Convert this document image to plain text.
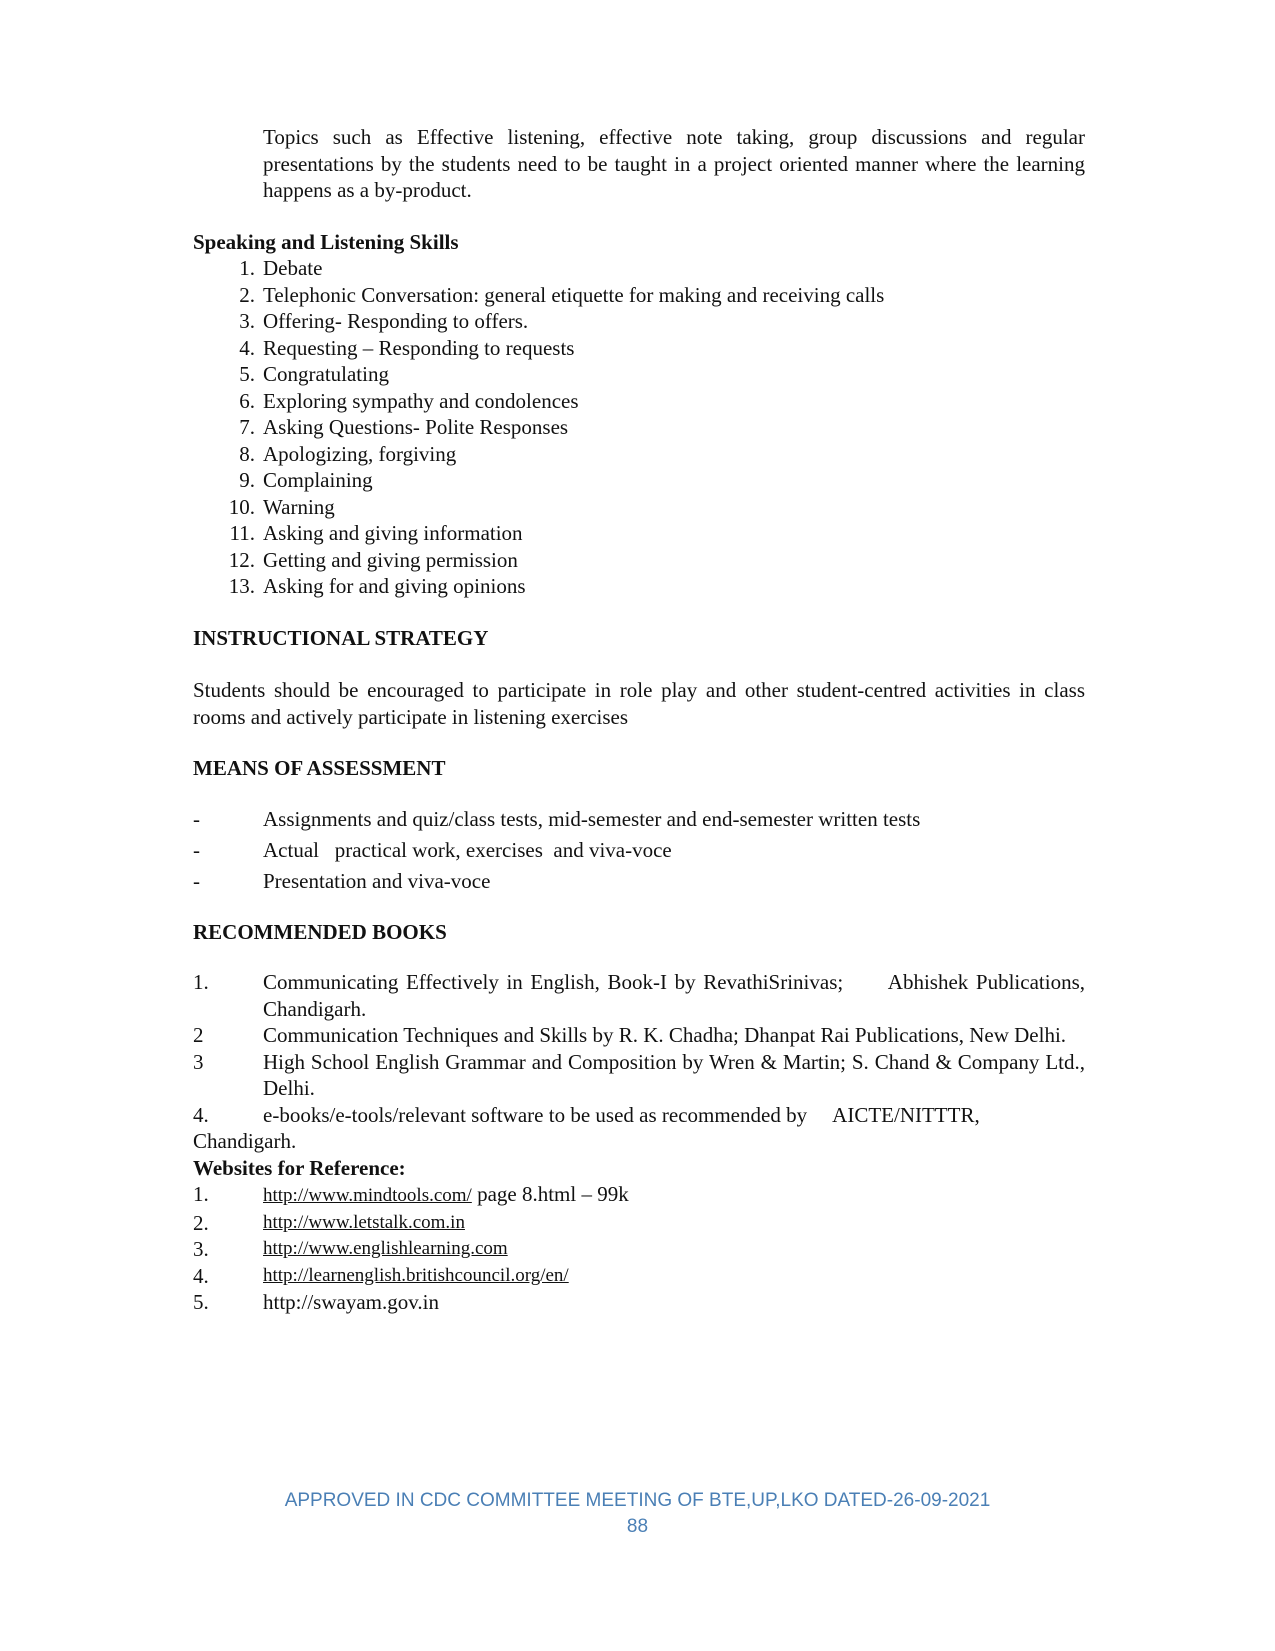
Topics such as Effective listening, effective note taking, group discussions and regular presentations by the students need to be taught in a project oriented manner where the learning happens as a by-product.

Speaking and Listening Skills

1. Debate
2. Telephonic Conversation: general etiquette for making and receiving calls
3. Offering- Responding to offers.
4. Requesting – Responding to requests
5. Congratulating
6. Exploring sympathy and condolences
7. Asking Questions- Polite Responses
8. Apologizing, forgiving
9. Complaining
10. Warning
11. Asking and giving information
12. Getting and giving permission
13. Asking for and giving opinions

INSTRUCTIONAL STRATEGY

Students should be encouraged to participate in role play and other student-centred activities in class rooms and actively participate in listening exercises

MEANS OF ASSESSMENT

-	Assignments and quiz/class tests, mid-semester and end-semester written tests
-	Actual   practical work, exercises  and viva-voce
-	Presentation and viva-voce

RECOMMENDED BOOKS

1.	Communicating Effectively in English, Book-I by RevathiSrinivas;      Abhishek Publications, Chandigarh.
2	Communication Techniques and Skills by R. K. Chadha; Dhanpat Rai Publications, New Delhi.
3	High School English Grammar and Composition by Wren & Martin; S. Chand & Company Ltd., Delhi.
4.	e-books/e-tools/relevant software to be used as recommended by     AICTE/NITTTR, Chandigarh.

Websites for Reference:

1.	http://www.mindtools.com/ page 8.html – 99k
2.	http://www.letstalk.com.in
3.	http://www.englishlearning.com
4.	http://learnenglish.britishcouncil.org/en/
5.	http://swayam.gov.in
APPROVED IN CDC COMMITTEE MEETING OF BTE,UP,LKO DATED-26-09-2021
88
